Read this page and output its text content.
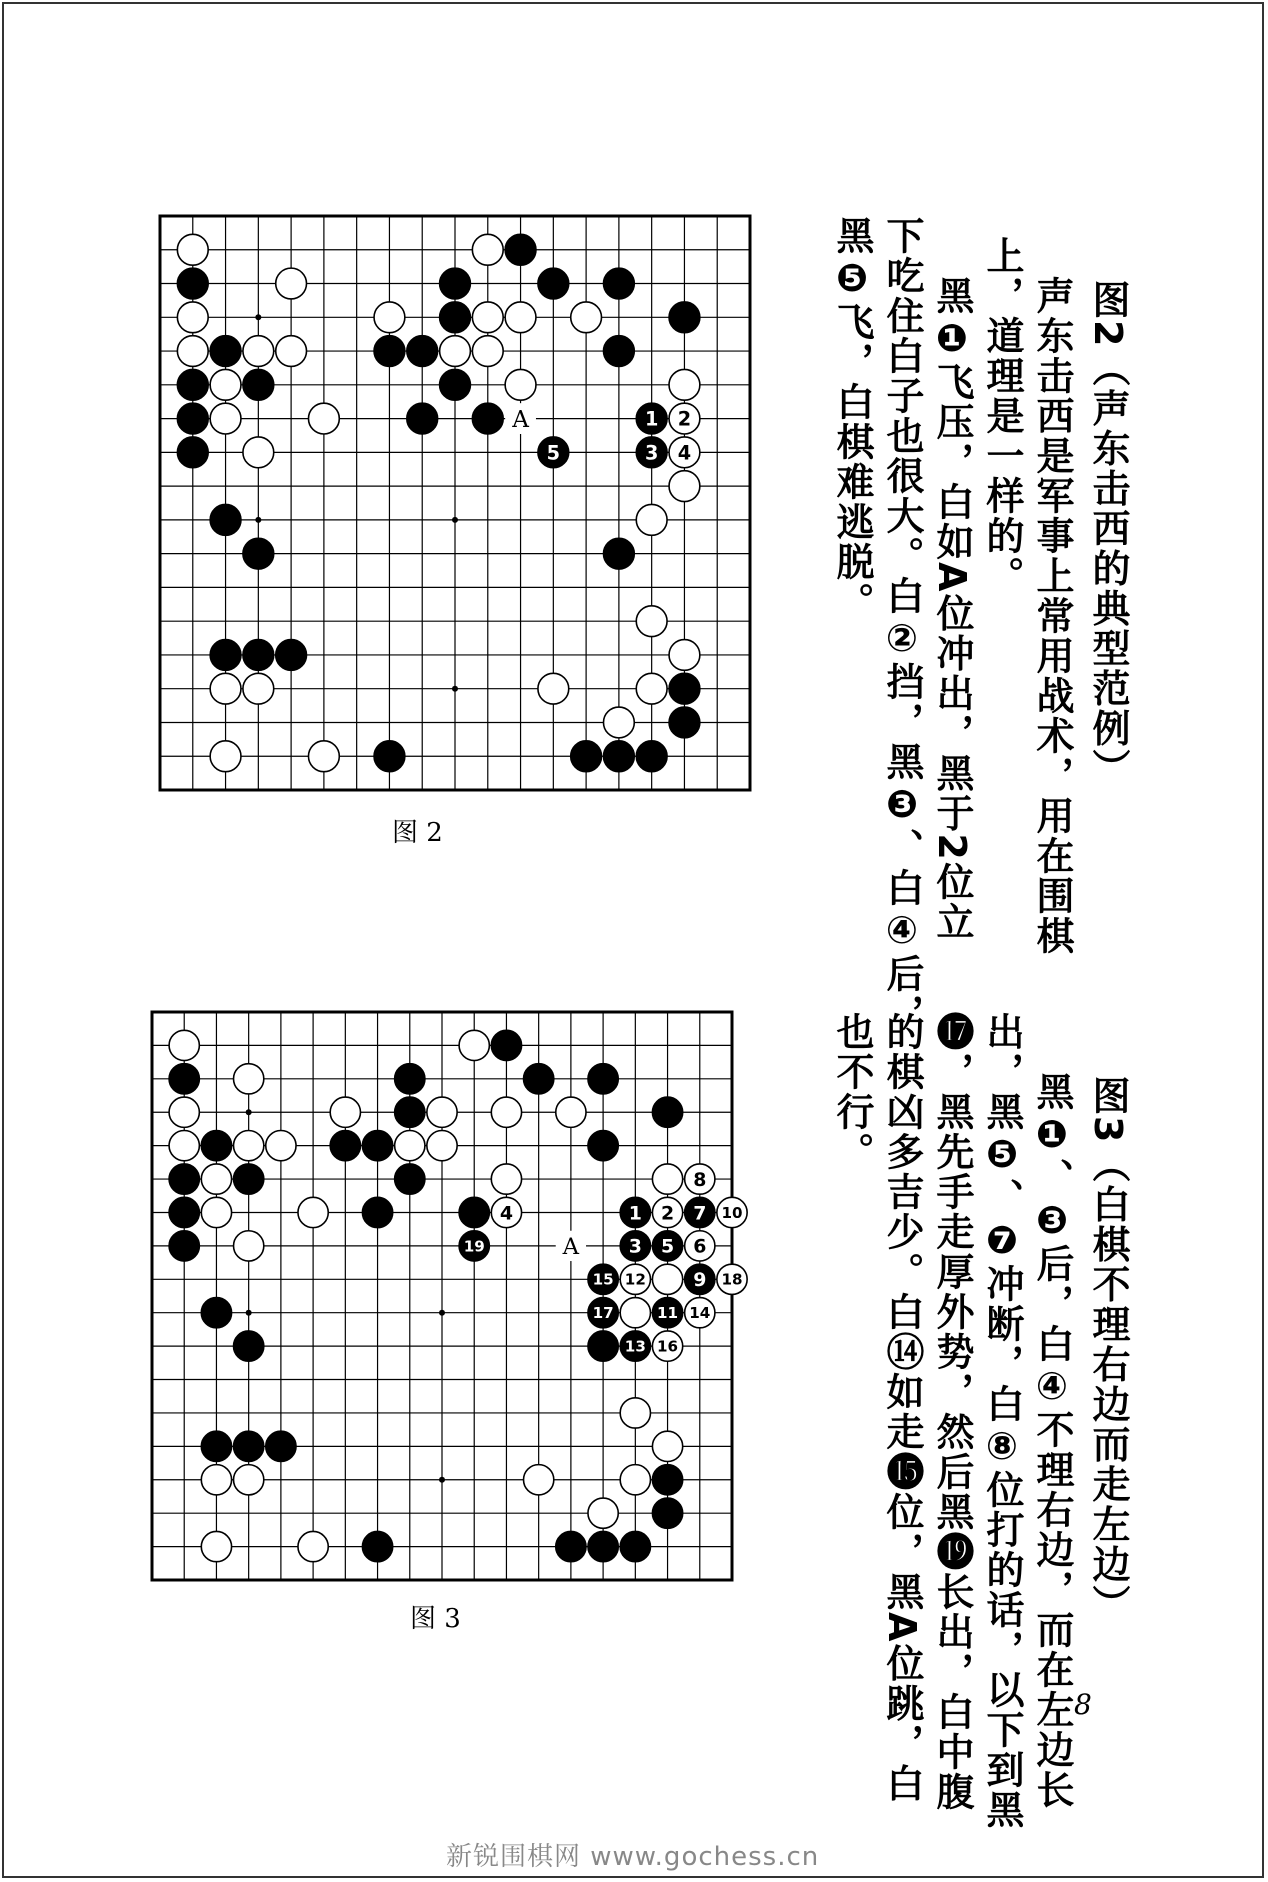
A	1 2
5	3 4
图 2
A
8
4	1 2 7 10
19	3 5 6
15 12	9 18
17	11 14
13 16
图 3
图2（声东击西的典型范例）
　声东击西是军事上常用战术，用在围棋
上，道理是一样的。
　黑❶飞压，白如A位冲出，黑于2位立
下吃住白子也很大。白②挡，黑❸、白④后，
黑❺飞，白棋难逃脱。
图3（白棋不理右边而走左边）
　黑❶、❸后，白④不理右边，而在左边长
出，黑❺、❼冲断，白⑧位打的话，以下到黑
⓱，黑先手走厚外势，然后黑⓳长出，白中腹
的棋凶多吉少。白⑭如走⓯位，黑A位跳，白
也不行。
8
新锐围棋网 www.gochess.cn
